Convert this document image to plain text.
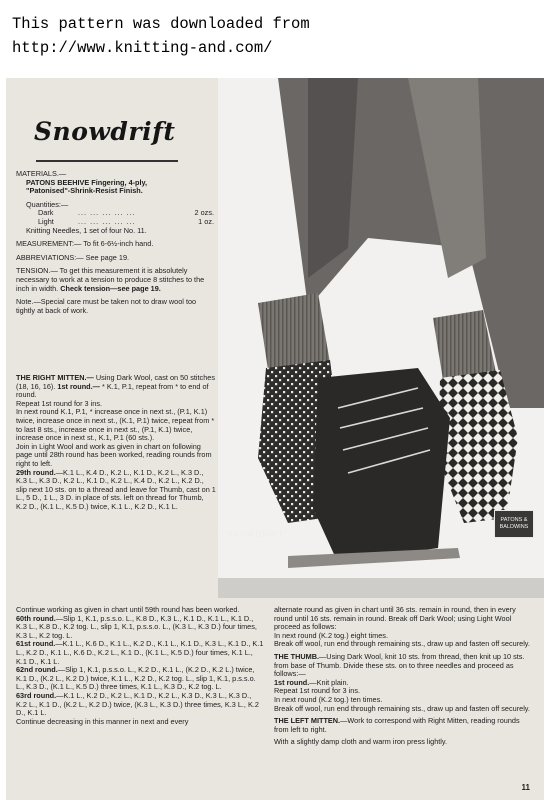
This pattern was downloaded from
http://www.knitting-and.com/
Snowdrift

MATERIALS.—

PATONS BEEHIVE Fingering, 4-ply,

"Patonised"-Shrink-Resist Finish.

Quantities:—

Dark	... ... ... ... ...	2 ozs.
Light	... ... ... ... ...	1 oz.

Knitting Needles, 1 set of four No. 11.

MEASUREMENT:— To fit 6-6½-inch hand.

ABBREVIATIONS:— See page 19.

TENSION.— To get this measurement it is absolutely necessary to work at a tension to produce 8 stitches to the inch in width. Check tension—see page 19.

Note.—Special care must be taken not to draw wool too tightly at back of work.

THE RIGHT MITTEN.— Using Dark Wool, cast on 50 stitches (18, 16, 16). 1st round.— * K.1, P.1, repeat from * to end of round.

Repeat 1st round for 3 ins.

In next round K.1, P.1, * increase once in next st., (P.1, K.1) twice, increase once in next st., (K.1, P.1) twice, repeat from * to last 8 sts., increase once in next st., (P.1, K.1) twice, increase once in next st., K.1, P.1 (60 sts.).

Join in Light Wool and work as given in chart on following page until 28th round has been worked, reading rounds from right to left.

29th round.—K.1 L., K.4 D., K.2 L., K.1 D., K.2 L., K.3 D., K.3 L., K.3 D., K.2 L., K.1 D., K.2 L., K.4 D., K.2 L., K.2 D., slip next 10 sts. on to a thread and leave for Thumb, cast on 1 L., 5 D., 1 L., 3 D. in place of sts. left on thread for Thumb, K.2 D., (K.1 L., K.5 D.) twice, K.1 L., K.2 D., K.1 L.

"SNOWDRIFT"
PATONS &
BALDWINS

Continue working as given in chart until 59th round has been worked.

60th round.—Slip 1, K.1, p.s.s.o. L., K.8 D., K.3 L., K.1 D., K.1 L., K.1 D., K.3 L., K.8 D., K.2 tog. L., slip 1, K.1, p.s.s.o. L., (K.3 L., K.3 D.) four times, K.3 L., K.2 tog. L.

61st round.—K.1 L., K.6 D., K.1 L., K.2 D., K.1 L., K.1 D., K.3 L., K.1 D., K.1 L., K.2 D., K.1 L., K.6 D., K.2 L., K.1 D., (K.1 L., K.5 D.) four times, K.1 L., K.1 D., K.1 L.

62nd round.—Slip 1, K.1, p.s.s.o. L., K.2 D., K.1 L., (K.2 D., K.2 L.) twice, K.1 D., (K.2 L., K.2 D.) twice, K.1 L., K.2 D., K.2 tog. L., slip 1, K.1, p.s.s.o. L., K.3 D., (K.1 L., K.5 D.) three times, K.1 L., K.3 D., K.2 tog. L.

63rd round.—K.1 L., K.2 D., K.2 L., K.1 D., K.2 L., K.3 D., K.3 L., K.3 D., K.2 L., K.1 D., (K.2 L., K.2 D.) twice, (K.3 L., K.3 D.) three times, K.3 L., K.2 D., K.1 L.

Continue decreasing in this manner in next and every

alternate round as given in chart until 36 sts. remain in round, then in every round until 16 sts. remain in round. Break off Dark Wool; using Light Wool proceed as follows:

In next round (K.2 tog.) eight times.

Break off wool, run end through remaining sts., draw up and fasten off securely.

THE THUMB.—Using Dark Wool, knit 10 sts. from thread, then knit up 10 sts. from base of Thumb. Divide these sts. on to three needles and proceed as follows:—

1st round.—Knit plain.

Repeat 1st round for 3 ins.

In next round (K.2 tog.) ten times.

Break off wool, run end through remaining sts., draw up and fasten off securely.

THE LEFT MITTEN.—Work to correspond with Right Mitten, reading rounds from left to right.

With a slightly damp cloth and warm iron press lightly.

11
